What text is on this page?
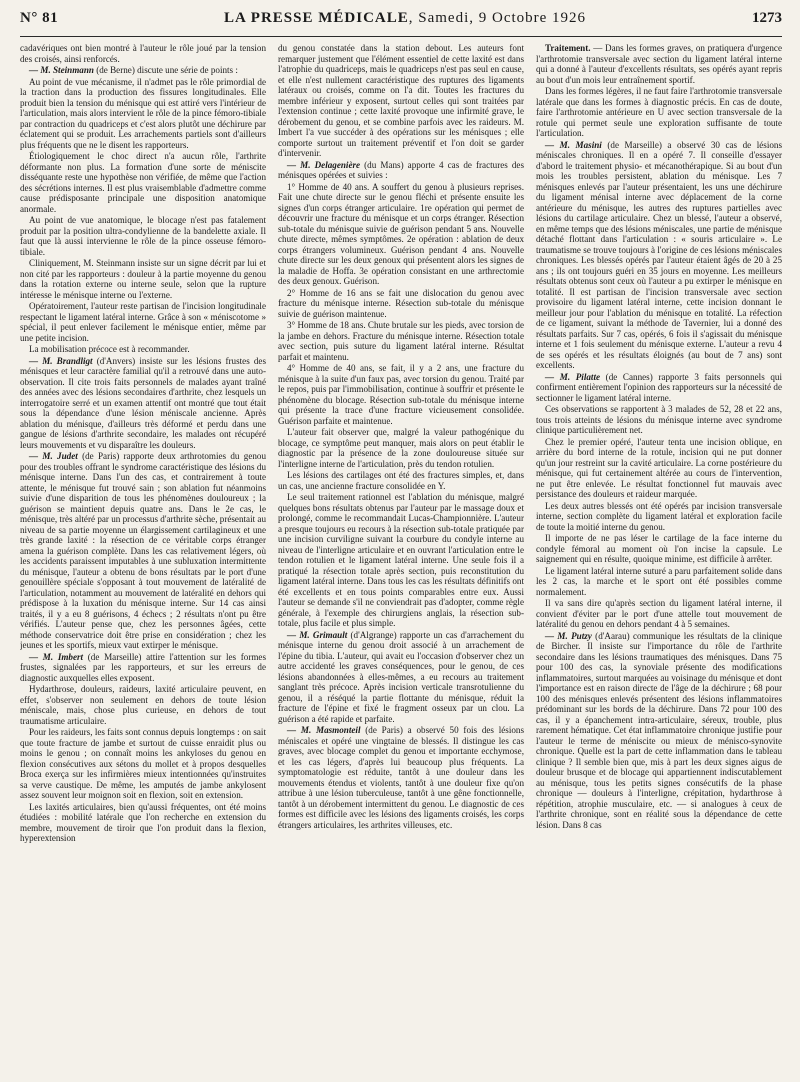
N° 81	LA PRESSE MÉDICALE, Samedi, 9 Octobre 1926	1273

cadavériques ont bien montré à l'auteur le rôle joué par la tension des croisés, ainsi renforcés.

— M. Steinmann (de Berne) discute une série de points :

Au point de vue mécanisme, il n'admet pas le rôle primordial de la traction dans la production des fissures longitudinales. Elle produit bien la tension du ménisque qui est attiré vers l'intérieur de l'articulation, mais alors intervient le rôle de la pince fémoro-tibiale par contraction du quadriceps et c'est alors plutôt une déchirure par éclatement qui se produit. Les arrachements partiels sont d'ailleurs plus fréquents que ne le disent les rapporteurs.

Étiologiquement le choc direct n'a aucun rôle, l'arthrite déformante non plus. La formation d'une sorte de méniscite disséquante reste une hypothèse non vérifiée, de même que l'action des sécrétions internes. Il est plus vraisemblable d'admettre comme cause prédisposante principale une disposition anatomique anormale.

Au point de vue anatomique, le blocage n'est pas fatalement produit par la position ultra-condylienne de la bandelette axiale. Il faut que là aussi intervienne le rôle de la pince osseuse fémoro-tibiale.

Cliniquement, M. Steinmann insiste sur un signe décrit par lui et non cité par les rapporteurs : douleur à la partie moyenne du genou dans la rotation externe ou interne seule, selon que la rupture intéresse le ménisque interne ou l'externe.

Opératoirement, l'auteur reste partisan de l'incision longitudinale respectant le ligament latéral interne. Grâce à son « méniscotome » spécial, il peut enlever facilement le ménisque entier, même par une petite incision.

La mobilisation précoce est à recommander.

— M. Brandligt (d'Anvers) insiste sur les lésions frustes des ménisques et leur caractère familial qu'il a retrouvé dans une auto-observation. Il cite trois faits personnels de malades ayant traîné des années avec des lésions secondaires d'arthrite, chez lesquels un interrogatoire serré et un examen attentif ont montré que tout était sous la dépendance d'une lésion méniscale ancienne. Après ablation du ménisque, d'ailleurs très déformé et perdu dans une gangue de lésions d'arthrite secondaire, les malades ont récupéré leurs mouvements et vu disparaître les douleurs.

— M. Judet (de Paris) rapporte deux arthrotomies du genou pour des troubles offrant le syndrome caractéristique des lésions du ménisque interne. Dans l'un des cas, et contrairement à toute attente, le ménisque fut trouvé sain ; son ablation fut néanmoins suivie d'une disparition de tous les phénomènes douloureux ; la guérison se maintient depuis quatre ans. Dans le 2e cas, le ménisque, très altéré par un processus d'arthrite sèche, présentait au niveau de sa partie moyenne un élargissement cartilagineux et une très grande laxité : la résection de ce véritable corps étranger amena la guérison complète. Dans les cas relativement légers, où les accidents paraissent imputables à une subluxation intermittente du ménisque, l'auteur a obtenu de bons résultats par le port d'une genouillère spéciale s'opposant à tout mouvement de latéralité de l'articulation, notamment au mouvement de latéralité en dehors qui prédispose à la luxation du ménisque interne. Sur 14 cas ainsi traités, il y a eu 8 guérisons, 4 échecs ; 2 résultats n'ont pu être vérifiés. L'auteur pense que, chez les personnes âgées, cette méthode conservatrice doit être prise en considération ; chez les jeunes et les sportifs, mieux vaut extirper le ménisque.

— M. Imbert (de Marseille) attire l'attention sur les formes frustes, signalées par les rapporteurs, et sur les erreurs de diagnostic auxquelles elles exposent.

Hydarthrose, douleurs, raideurs, laxité articulaire peuvent, en effet, s'observer non seulement en dehors de toute lésion méniscale, mais, chose plus curieuse, en dehors de tout traumatisme articulaire.

Pour les raideurs, les faits sont connus depuis longtemps : on sait que toute fracture de jambe et surtout de cuisse enraidit plus ou moins le genou ; on connaît moins les ankyloses du genou en flexion consécutives aux sétons du mollet et à propos desquelles Broca exerça sur les infirmières mieux intentionnées qu'instruites sa verve caustique. De même, les amputés de jambe ankylosent assez souvent leur moignon soit en flexion, soit en extension.

Les laxités articulaires, bien qu'aussi fréquentes, ont été moins étudiées : mobilité latérale que l'on recherche en extension du membre, mouvement de tiroir que l'on produit dans la flexion, hyperextension

du genou constatée dans la station debout. Les auteurs font remarquer justement que l'élément essentiel de cette laxité est dans l'atrophie du quadriceps, mais le quadriceps n'est pas seul en cause, et elle n'est nullement caractéristique des ruptures des ligaments latéraux ou croisés, comme on l'a dit. Toutes les fractures du membre inférieur y exposent, surtout celles qui sont traitées par l'extension continue ; cette laxité provoque une infirmité grave, le dérobement du genou, et se combine parfois avec les raideurs. M. Imbert l'a vue succéder à des opérations sur les ménisques ; elle comporte surtout un traitement préventif et l'on doit se garder d'intervenir.

— M. Delagenière (du Mans) apporte 4 cas de fractures des ménisques opérées et suivies :

1° Homme de 40 ans. A souffert du genou à plusieurs reprises. Fait une chute directe sur le genou fléchi et présente ensuite les signes d'un corps étranger articulaire. 1re opération qui permet de découvrir une fracture du ménisque et un corps étranger. Résection sub-totale du ménisque suivie de guérison pendant 5 ans. Nouvelle chute directe, mêmes symptômes. 2e opération : ablation de deux corps étrangers volumineux. Guérison pendant 4 ans. Nouvelle chute directe sur les deux genoux qui présentent alors les signes de la maladie de Hoffa. 3e opération consistant en une arthrectomie des deux genoux. Guérison.

2° Homme de 16 ans se fait une dislocation du genou avec fracture du ménisque interne. Résection sub-totale du ménisque suivie de guérison maintenue.

3° Homme de 18 ans. Chute brutale sur les pieds, avec torsion de la jambe en dehors. Fracture du ménisque interne. Résection totale avec section, puis suture du ligament latéral interne. Résultat parfait et maintenu.

4° Homme de 40 ans, se fait, il y a 2 ans, une fracture du ménisque à la suite d'un faux pas, avec torsion du genou. Traité par le repos, puis par l'immobilisation, continue à souffrir et présente le phénomène du blocage. Résection sub-totale du ménisque interne qui présente la trace d'une fracture vicieusement consolidée. Guérison parfaite et maintenue.

L'auteur fait observer que, malgré la valeur pathogénique du blocage, ce symptôme peut manquer, mais alors on peut établir le diagnostic par la présence de la zone douloureuse située sur l'interligne interne de l'articulation, près du tendon rotulien.

Les lésions des cartilages ont été des fractures simples, et, dans un cas, une ancienne fracture consolidée en Y.

Le seul traitement rationnel est l'ablation du ménisque, malgré quelques bons résultats obtenus par l'auteur par le massage doux et prolongé, comme le recommandait Lucas-Championnière. L'auteur a presque toujours eu recours à la résection sub-totale pratiquée par une incision curviligne suivant la courbure du condyle interne au niveau de l'interligne articulaire et en ouvrant l'articulation entre le tendon rotulien et le ligament latéral interne. Une seule fois il a pratiqué la résection totale après section, puis reconstitution du ligament latéral interne. Dans tous les cas les résultats définitifs ont été excellents et en tous points comparables entre eux. Aussi l'auteur se demande s'il ne conviendrait pas d'adopter, comme règle générale, à l'exemple des chirurgiens anglais, la résection sub-totale, plus facile et plus simple.

— M. Grimault (d'Algrange) rapporte un cas d'arrachement du ménisque interne du genou droit associé à un arrachement de l'épine du tibia. L'auteur, qui avait eu l'occasion d'observer chez un autre accidenté les graves conséquences, pour le genou, de ces lésions abandonnées à elles-mêmes, a eu recours au traitement sanglant très précoce. Après incision verticale transrotulienne du genou, il a réséqué la partie flottante du ménisque, réduit la fracture de l'épine et fixé le fragment osseux par un clou. La guérison a été rapide et parfaite.

— M. Masmonteil (de Paris) a observé 50 fois des lésions méniscales et opéré une vingtaine de blessés. Il distingue les cas graves, avec blocage complet du genou et importante ecchymose, et les cas légers, d'après lui beaucoup plus fréquents. La symptomatologie est réduite, tantôt à une douleur dans les mouvements étendus et violents, tantôt à une douleur fixe qu'on attribue à une lésion tuberculeuse, tantôt à une gêne fonctionnelle, tantôt à un dérobement intermittent du genou. Le diagnostic de ces formes est difficile avec les lésions des ligaments croisés, les corps étrangers articulaires, les arthrites villeuses, etc.

Traitement. — Dans les formes graves, on pratiquera d'urgence l'arthrotomie transversale avec section du ligament latéral interne qui a donné à l'auteur d'excellents résultats, ses opérés ayant repris au bout d'un mois leur entraînement sportif.

Dans les formes légères, il ne faut faire l'arthrotomie transversale latérale que dans les formes à diagnostic précis. En cas de doute, faire l'arthrotomie antérieure en U avec section transversale de la rotule qui permet seule une exploration suffisante de toute l'articulation.

— M. Masini (de Marseille) a observé 30 cas de lésions méniscales chroniques. Il en a opéré 7. Il conseille d'essayer d'abord le traitement physio- et mécanothérapique. Si au bout d'un mois les troubles persistent, ablation du ménisque. Les 7 ménisques enlevés par l'auteur présentaient, les uns une déchirure du ligament ménisal interne avec déplacement de la corne antérieure du ménisque, les autres des ruptures partielles avec lésions du cartilage articulaire. Chez un blessé, l'auteur a observé, en même temps que des lésions méniscales, une partie de ménisque détaché flottant dans l'articulation : « souris articulaire ». Le traumatisme se trouve toujours à l'origine de ces lésions méniscales chroniques. Les blessés opérés par l'auteur étaient âgés de 20 à 25 ans ; ils ont toujours guéri en 35 jours en moyenne. Les meilleurs résultats obtenus sont ceux où l'auteur a pu extirper le ménisque en totalité. Il est partisan de l'incision transversale avec section provisoire du ligament latéral interne, cette incision donnant le meilleur jour pour l'ablation du ménisque en totalité. La réfection de ce ligament, suivant la méthode de Tavernier, lui a donné des résultats parfaits. Sur 7 cas, opérés, 6 fois il s'agissait du ménisque interne et 1 fois seulement du ménisque externe. L'auteur a revu 4 de ses opérés et les résultats éloignés (au bout de 7 ans) sont excellents.

— M. Pilatte (de Cannes) rapporte 3 faits personnels qui confirment entièrement l'opinion des rapporteurs sur la nécessité de sectionner le ligament latéral interne.

Ces observations se rapportent à 3 malades de 52, 28 et 22 ans, tous trois atteints de lésions du ménisque interne avec syndrome clinique particulièrement net.

Chez le premier opéré, l'auteur tenta une incision oblique, en arrière du bord interne de la rotule, incision qui ne put donner qu'un jour restreint sur la cavité articulaire. La corne postérieure du ménisque, qui fut certainement altérée au cours de l'intervention, ne put être enlevée. Le résultat fonctionnel fut mauvais avec persistance des douleurs et raideur marquée.

Les deux autres blessés ont été opérés par incision transversale interne, section complète du ligament latéral et exploration facile de toute la moitié interne du genou.

Il importe de ne pas léser le cartilage de la face interne du condyle fémoral au moment où l'on incise la capsule. Le saignement qui en résulte, quoique minime, est difficile à arrêter.

Le ligament latéral interne suturé a paru parfaitement solide dans les 2 cas, la marche et le sport ont été possibles comme normalement.

Il va sans dire qu'après section du ligament latéral interne, il convient d'éviter par le port d'une attelle tout mouvement de latéralité du genou en dehors pendant 4 à 5 semaines.

— M. Putzy (d'Aarau) communique les résultats de la clinique de Bircher. Il insiste sur l'importance du rôle de l'arthrite secondaire dans les lésions traumatiques des ménisques. Dans 75 pour 100 des cas, la synoviale présente des modifications inflammatoires, surtout marquées au voisinage du ménisque et dont l'importance est en raison directe de l'âge de la déchirure ; 68 pour 100 des ménisques enlevés présentent des lésions inflammatoires prédominant sur les bords de la déchirure. Dans 72 pour 100 des cas, il y a épanchement intra-articulaire, séreux, trouble, plus rarement hématique. Cet état inflammatoire chronique justifie pour l'auteur le terme de méniscite ou mieux de ménisco-synovite chronique. Quelle est la part de cette inflammation dans le tableau clinique ? Il semble bien que, mis à part les deux signes aigus de douleur brusque et de blocage qui appartiennent indiscutablement au ménisque, tous les petits signes consécutifs de la phase chronique — douleurs à l'interligne, crépitation, hydarthrose à répétition, atrophie musculaire, etc. — si analogues à ceux de l'arthrite chronique, sont en réalité sous la dépendance de cette lésion. Dans 8 cas
